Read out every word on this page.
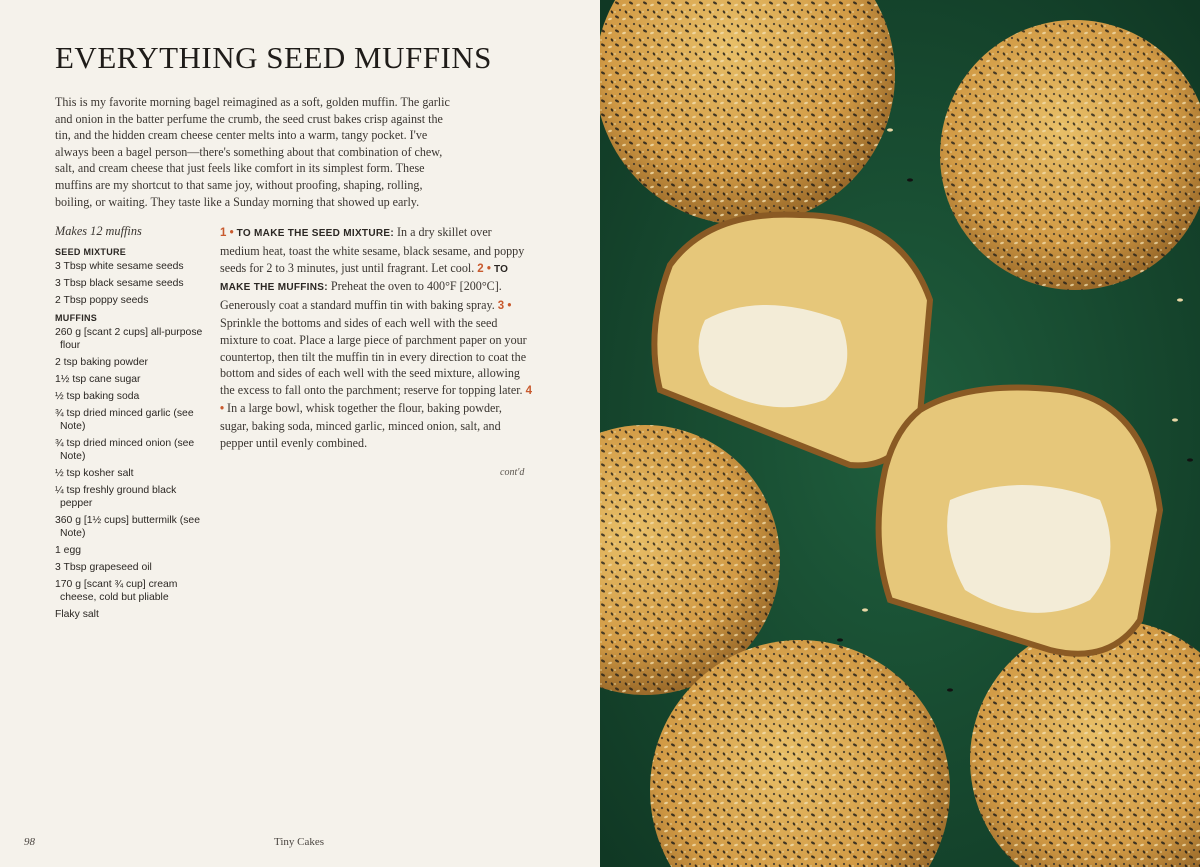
EVERYTHING SEED MUFFINS

This is my favorite morning bagel reimagined as a soft, golden muffin. The garlic and onion in the batter perfume the crumb, the seed crust bakes crisp against the tin, and the hidden cream cheese center melts into a warm, tangy pocket. I've always been a bagel person—there's something about that combination of chew, salt, and cream cheese that just feels like comfort in its simplest form. These muffins are my shortcut to that same joy, without proofing, shaping, rolling, boiling, or waiting. They taste like a Sunday morning that showed up early.

Makes 12 muffins

SEED MIXTURE
3 Tbsp white sesame seeds
3 Tbsp black sesame seeds
2 Tbsp poppy seeds
MUFFINS
260 g [scant 2 cups] all-purpose flour
2 tsp baking powder
1½ tsp cane sugar
½ tsp baking soda
¾ tsp dried minced garlic (see Note)
¾ tsp dried minced onion (see Note)
½ tsp kosher salt
¼ tsp freshly ground black pepper
360 g [1½ cups] buttermilk (see Note)
1 egg
3 Tbsp grapeseed oil
170 g [scant ¾ cup] cream cheese, cold but pliable
Flaky salt

1 • TO MAKE THE SEED MIXTURE: In a dry skillet over medium heat, toast the white sesame, black sesame, and poppy seeds for 2 to 3 minutes, just until fragrant. Let cool. 2 • TO MAKE THE MUFFINS: Preheat the oven to 400°F [200°C]. Generously coat a standard muffin tin with baking spray. 3 • Sprinkle the bottoms and sides of each well with the seed mixture to coat. Place a large piece of parchment paper on your countertop, then tilt the muffin tin in every direction to coat the bottom and sides of each well with the seed mixture, allowing the excess to fall onto the parchment; reserve for topping later. 4 • In a large bowl, whisk together the flour, baking powder, sugar, baking soda, minced garlic, minced onion, salt, and pepper until evenly combined.

cont'd
98	Tiny Cakes
